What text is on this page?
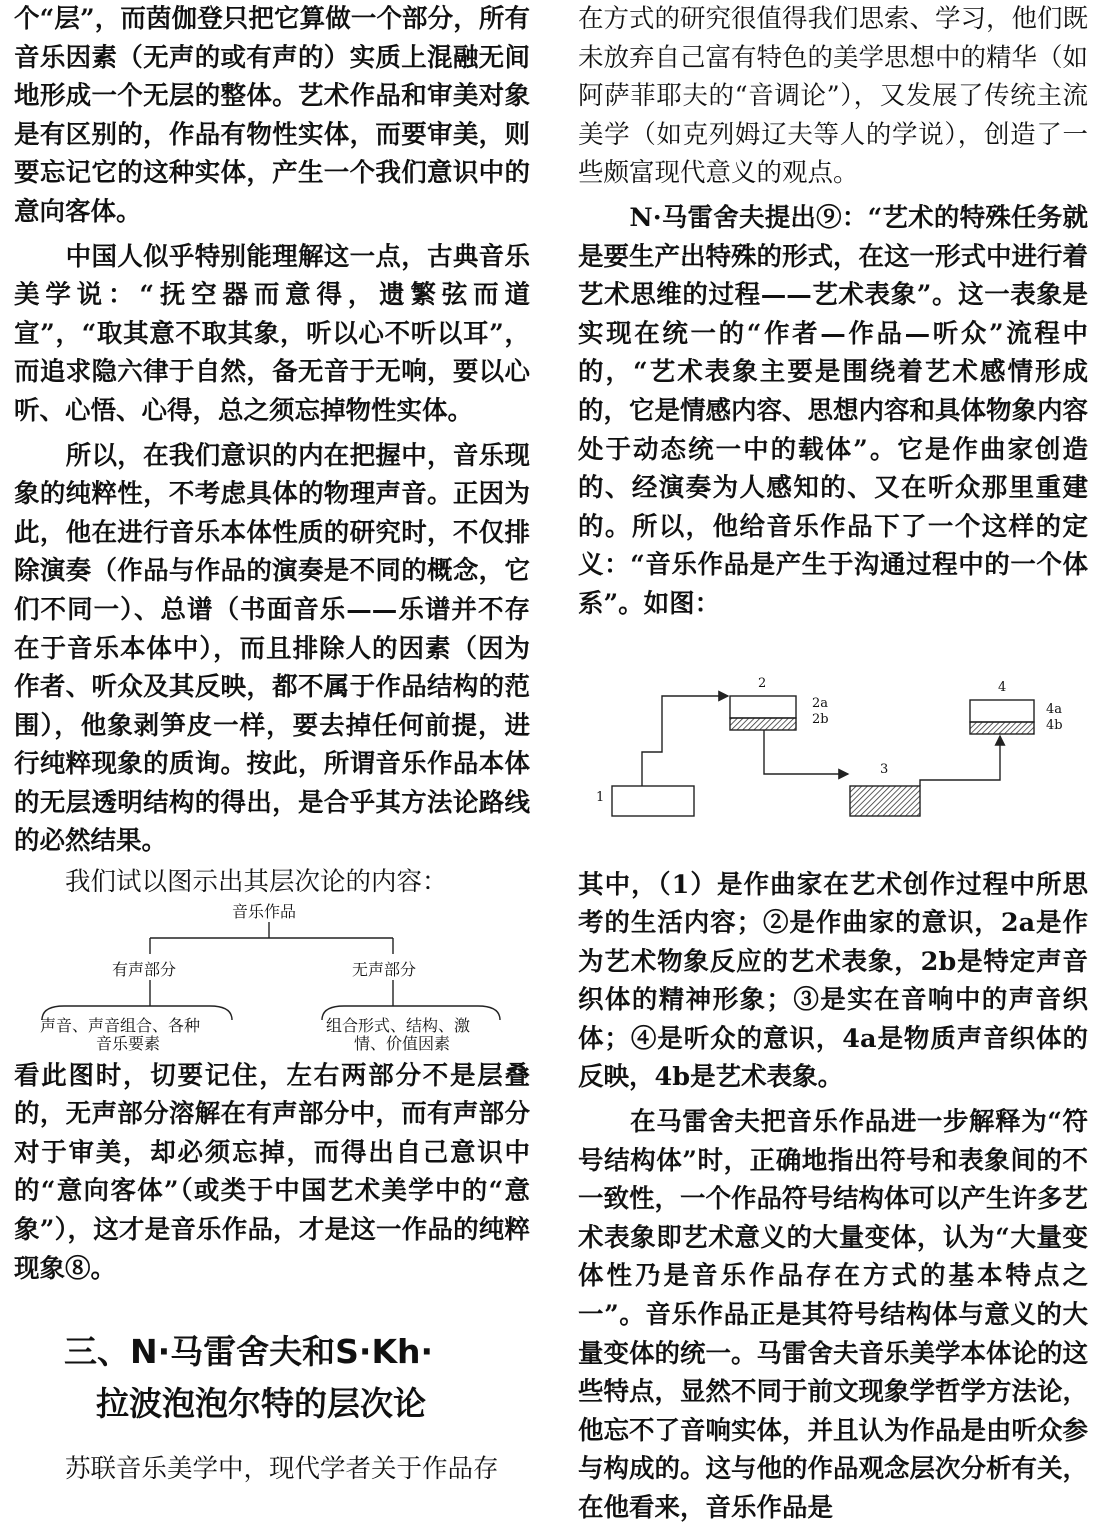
个“层”，而茵伽登只把它算做一个部分，所有音乐因素（无声的或有声的）实质上混融无间地形成一个无层的整体。艺术作品和审美对象是有区别的，作品有物性实体，而要审美，则要忘记它的这种实体，产生一个我们意识中的意向客体。

　　中国人似乎特别能理解这一点，古典音乐美学说：“抚空器而意得，遗繁弦而道宣”，“取其意不取其象，听以心不听以耳”，而追求隐六律于自然，备无音于无响，要以心听、心悟、心得，总之须忘掉物性实体。

　　所以，在我们意识的内在把握中，音乐现象的纯粹性，不考虑具体的物理声音。正因为此，他在进行音乐本体性质的研究时，不仅排除演奏（作品与作品的演奏是不同的概念，它们不同一）、总谱（书面音乐——乐谱并不存在于音乐本体中），而且排除人的因素（因为作者、听众及其反映，都不属于作品结构的范围），他象剥笋皮一样，要去掉任何前提，进行纯粹现象的质询。按此，所谓音乐作品本体的无层透明结构的得出，是合乎其方法论路线的必然结果。

　　我们试以图示出其层次论的内容：

音乐作品
有声部分	无声部分
声音、声音组合、各种
音乐要素
组合形式、结构、激
情、价值因素

看此图时，切要记住，左右两部分不是层叠的，无声部分溶解在有声部分中，而有声部分对于审美，却必须忘掉，而得出自己意识中的“意向客体”（或类于中国艺术美学中的“意象”），这才是音乐作品，才是这一作品的纯粹现象⑧。

三、N·马雷舍夫和S·Kh·

拉波泡泡尔特的层次论

　　苏联音乐美学中，现代学者关于作品存

在方式的研究很值得我们思索、学习，他们既未放弃自己富有特色的美学思想中的精华（如阿萨菲耶夫的“音调论”），又发展了传统主流美学（如克列姆辽夫等人的学说），创造了一些颇富现代意义的观点。

　　N·马雷舍夫提出⑨：“艺术的特殊任务就是要生产出特殊的形式，在这一形式中进行着艺术思维的过程——艺术表象”。这一表象是实现在统一的“作者—作品—听众”流程中的，“艺术表象主要是围绕着艺术感情形成的，它是情感内容、思想内容和具体物象内容处于动态统一中的载体”。它是作曲家创造的、经演奏为人感知的、又在听众那里重建的。所以，他给音乐作品下了一个这样的定义：“音乐作品是产生于沟通过程中的一个体系”。如图：

1
2
2a
2b
3
4
4a
4b

其中，（1）是作曲家在艺术创作过程中所思考的生活内容；②是作曲家的意识，2a是作为艺术物象反应的艺术表象，2b是特定声音织体的精神形象；③是实在音响中的声音织体；④是听众的意识，4a是物质声音织体的反映，4b是艺术表象。

　　在马雷舍夫把音乐作品进一步解释为“符号结构体”时，正确地指出符号和表象间的不一致性，一个作品符号结构体可以产生许多艺术表象即艺术意义的大量变体，认为“大量变体性乃是音乐作品存在方式的基本特点之一”。音乐作品正是其符号结构体与意义的大量变体的统一。马雷舍夫音乐美学本体论的这些特点，显然不同于前文现象学哲学方法论，他忘不了音响实体，并且认为作品是由听众参与构成的。这与他的作品观念层次分析有关，在他看来，音乐作品是
